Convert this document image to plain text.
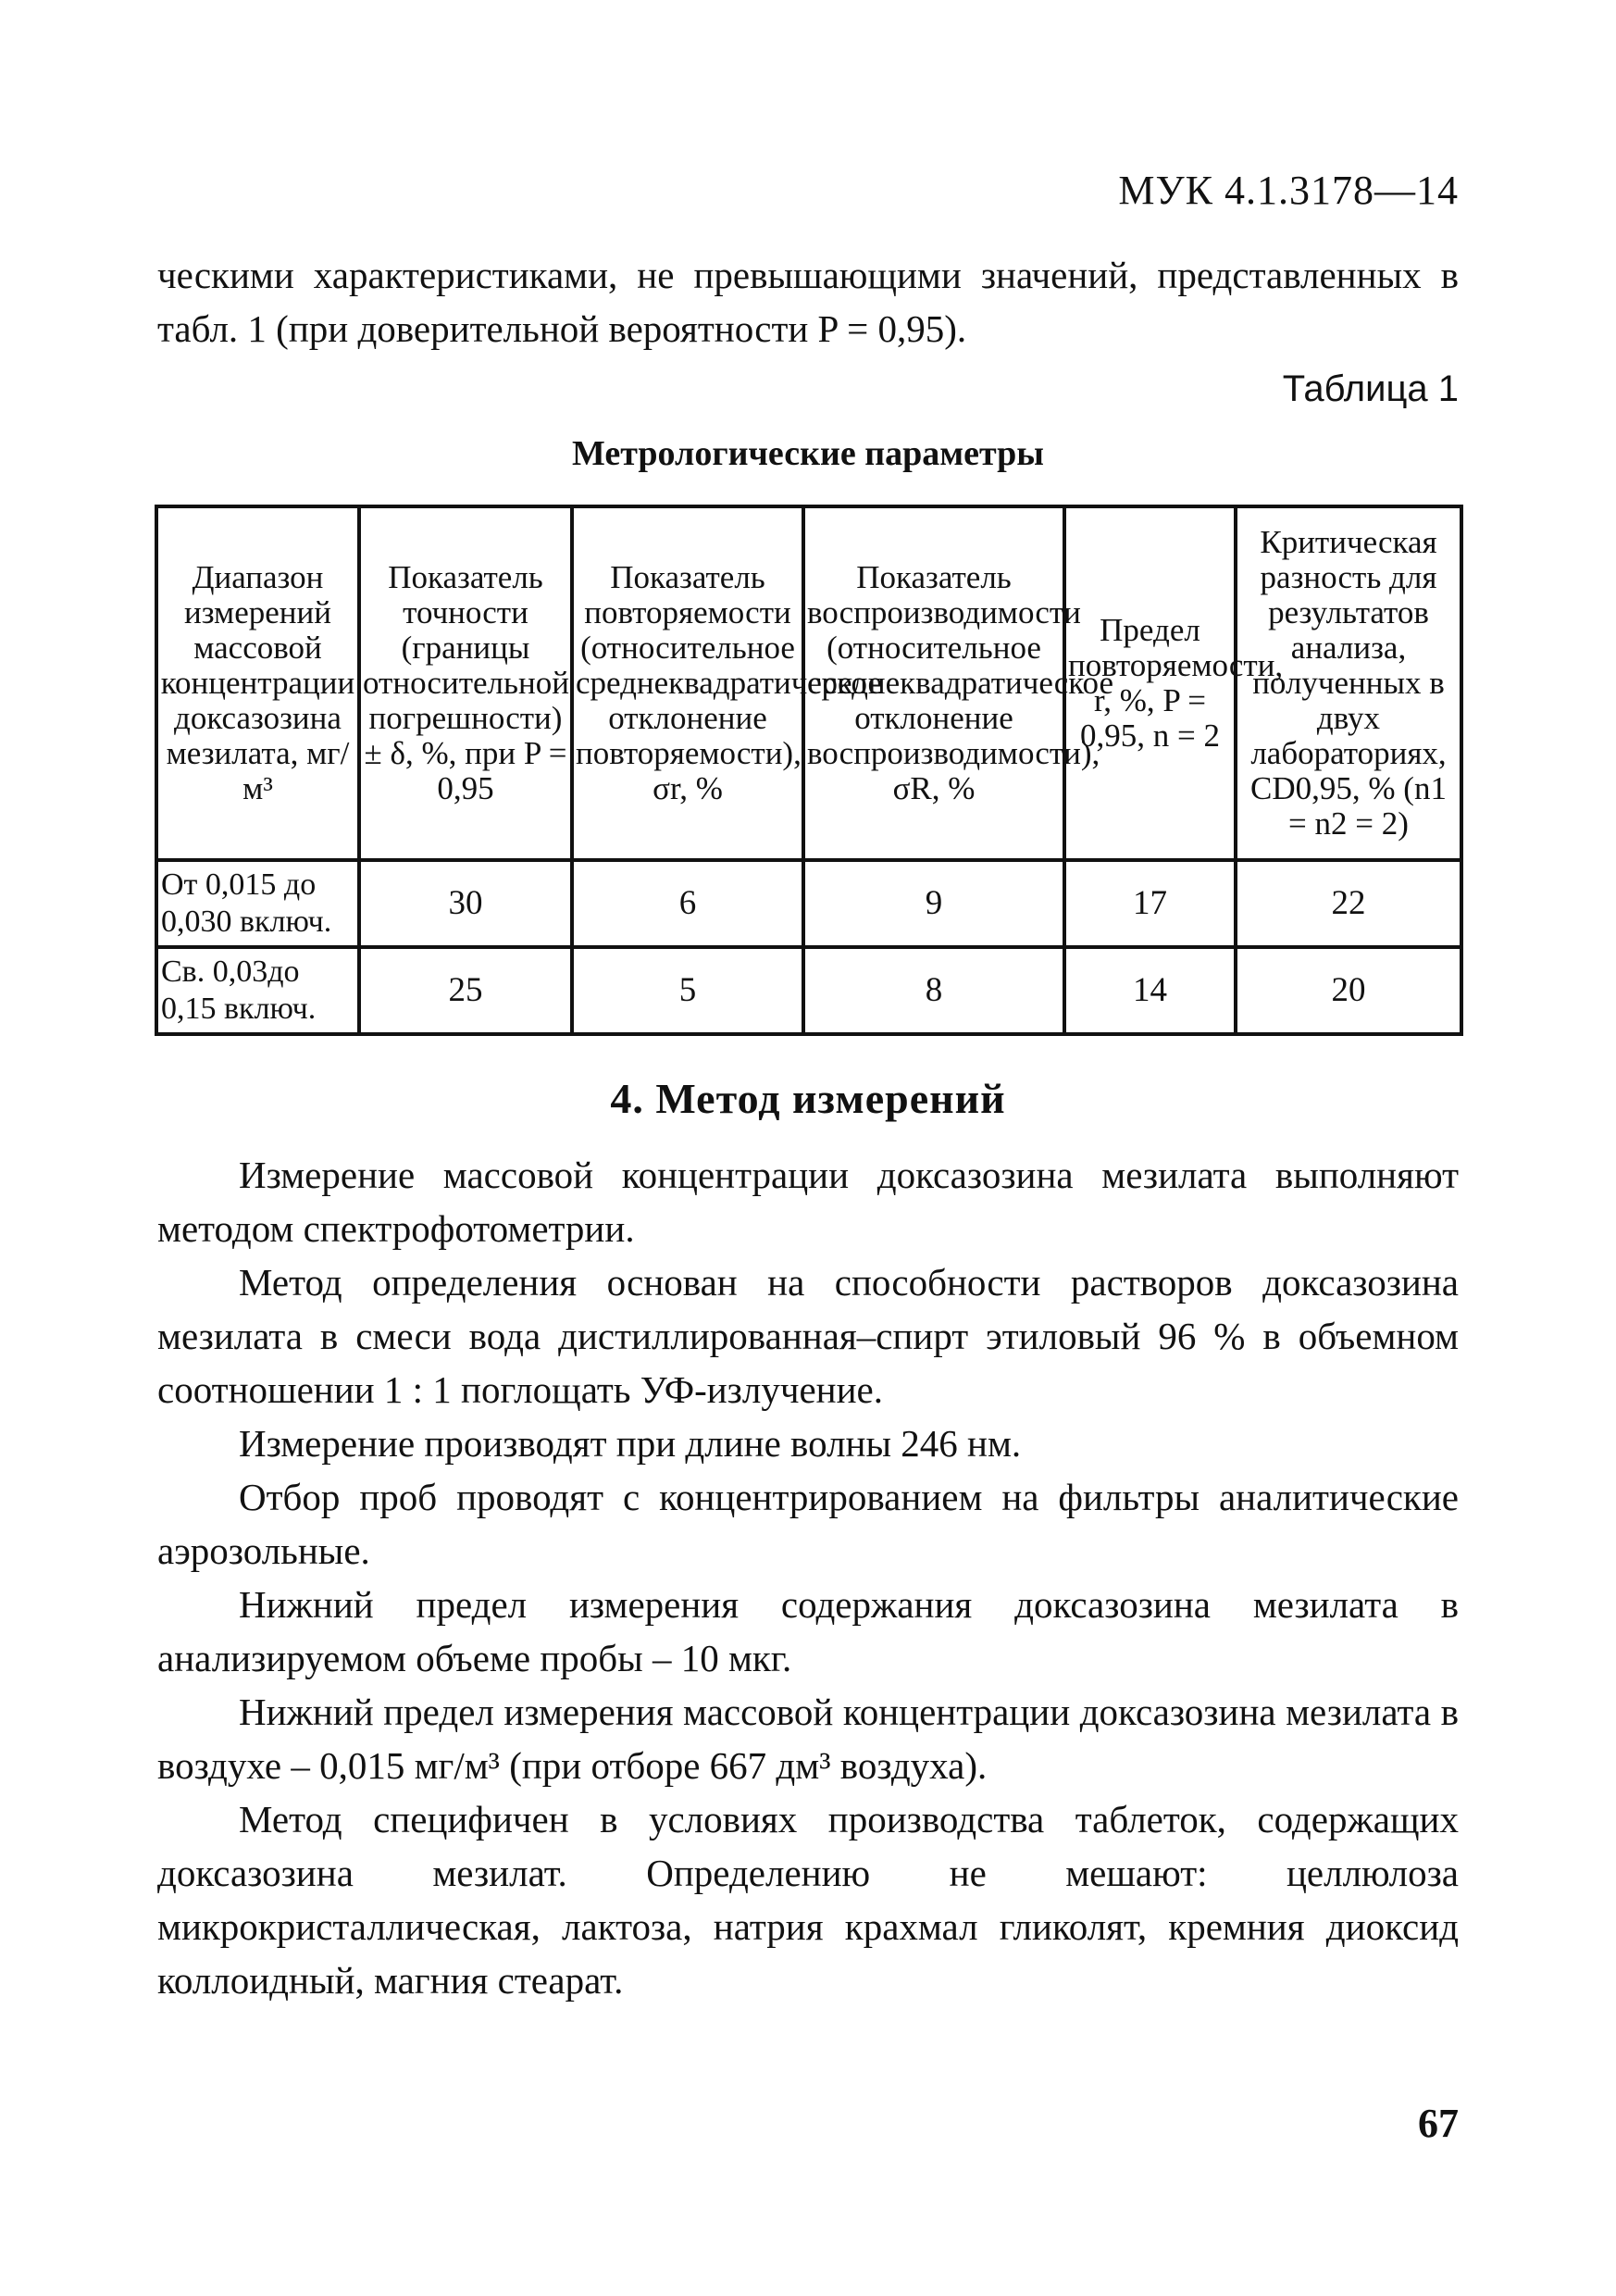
МУК 4.1.3178—14

ческими характеристиками, не превышающими значений, представленных в табл. 1 (при доверительной вероятности P = 0,95).

Таблица 1
Метрологические параметры
Диапазон измерений массовой концентрации доксазозина мезилата, мг/м³	Показатель точности (границы относительной погрешности) ± δ, %, при P = 0,95	Показатель повторяемости (относительное среднеквадратическое отклонение повторяемости), σr, %	Показатель воспроизводимости (относительное среднеквадратическое отклонение воспроизводимости), σR, %	Предел повторяемости, r, %, P = 0,95, n = 2	Критическая разность для результатов анализа, полученных в двух лабораториях, CD0,95, % (n1 = n2 = 2)
От 0,015 до 0,030 включ.	30	6	9	17	22
Св. 0,03до 0,15 включ.	25	5	8	14	20
4. Метод измерений

Измерение массовой концентрации доксазозина мезилата выполняют методом спектрофотометрии.

Метод определения основан на способности растворов доксазозина мезилата в смеси вода дистиллированная–спирт этиловый 96 % в объемном соотношении 1 : 1 поглощать УФ-излучение.

Измерение производят при длине волны 246 нм.

Отбор проб проводят с концентрированием на фильтры аналитические аэрозольные.

Нижний предел измерения содержания доксазозина мезилата в анализируемом объеме пробы – 10 мкг.

Нижний предел измерения массовой концентрации доксазозина мезилата в воздухе – 0,015 мг/м³ (при отборе 667 дм³ воздуха).

Метод специфичен в условиях производства таблеток, содержащих доксазозина мезилат. Определению не мешают: целлюлоза микрокристаллическая, лактоза, натрия крахмал гликолят, кремния диоксид коллоидный, магния стеарат.

67
